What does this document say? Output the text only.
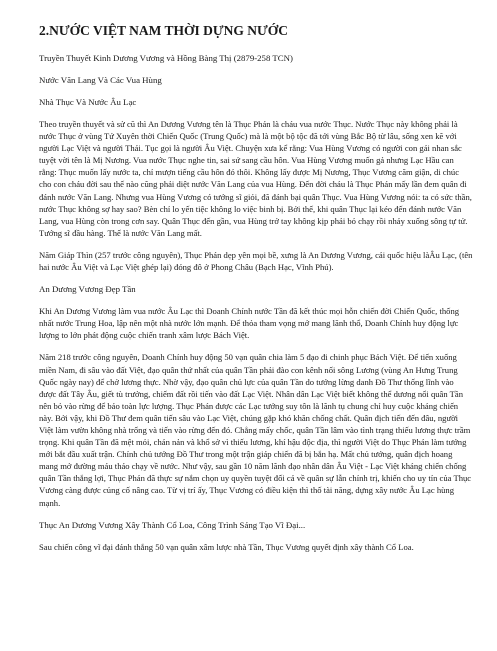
2.NƯỚC VIỆT NAM THỜI DỰNG NƯỚC
Truyền Thuyết Kinh Dương Vương và Hồng Bàng Thị (2879-258 TCN)
Nước Văn Lang Và Các Vua Hùng
Nhà Thục Và Nước Âu Lạc

Theo truyền thuyết và sử cũ thì An Dương Vương tên là Thục Phán là cháu vua nước Thục. Nước Thục này không phải là nước Thục ở vùng Tứ Xuyên thời Chiến Quốc (Trung Quốc) mà là một bộ tộc đã tới vùng Bắc Bộ từ lâu, sống xen kẽ với người Lạc Việt và người Thái. Tục gọi là người Âu Việt. Chuyện xưa kể rằng: Vua Hùng Vương có người con gái nhan sắc tuyệt vời tên là Mị Nương. Vua nước Thục nghe tin, sai sứ sang cầu hôn. Vua Hùng Vương muốn gả nhưng Lạc Hầu can rằng: Thục muốn lấy nước ta, chỉ mượn tiếng cầu hôn đó thôi. Không lấy được Mị Nương, Thục Vương căm giận, di chúc cho con cháu đời sau thế nào cũng phải diệt nước Văn Lang của vua Hùng. Đến đời cháu là Thục Phán mấy lần đem quân đi đánh nước Văn Lang. Nhưng vua Hùng Vương có tướng sĩ giỏi, đã đánh bại quân Thục. Vua Hùng Vương nói: ta có sức thần, nước Thục không sợ hay sao? Bèn chỉ lo yến tiệc không lo việc binh bị. Bởi thế, khi quân Thục lại kéo đến đánh nước Văn Lang, vua Hùng còn trong cơn say. Quân Thục đến gần, vua Hùng trở tay không kịp phải bỏ chạy rồi nhảy xuống sông tự tử. Tướng sĩ đầu hàng. Thế là nước Văn Lang mất.

Năm Giáp Thìn (257 trước công nguyên), Thục Phán dẹp yên mọi bề, xưng là An Dương Vương, cải quốc hiệu làÂu Lạc, (tên hai nước Âu Việt và Lạc Việt ghép lại) đóng đô ở Phong Châu (Bạch Hạc, Vĩnh Phú).

An Dương Vương Đẹp Tần

Khi An Dương Vương làm vua nước Âu Lạc thì Doanh Chính nước Tần đã kết thúc mọi hỗn chiến đời Chiến Quốc, thống nhất nước Trung Hoa, lập nên một nhà nước lớn mạnh. Để thỏa tham vọng mở mang lãnh thổ, Doanh Chính huy động lực lượng to lớn phát động cuộc chiến tranh xâm lược Bách Việt.

Năm 218 trước công nguyên, Doanh Chính huy động 50 vạn quân chia làm 5 đạo đi chinh phục Bách Việt. Để tiến xuống miền Nam, đi sâu vào đất Việt, đạo quân thứ nhất của quân Tần phải đào con kênh nối sông Lương (vùng An Hưng Trung Quốc ngày nay) để chở lương thực. Nhờ vậy, đạo quân chủ lực của quân Tần do tướng lừng danh Đồ Thư thống lĩnh vào được đất Tây Âu, giết tù trưởng, chiếm đất rồi tiến vào đất Lạc Việt. Nhân dân Lạc Việt biết không thể dương nổi quân Tần nên bỏ vào rừng để bảo toàn lực lượng. Thục Phán được các Lạc tướng suy tôn là lãnh tụ chung chỉ huy cuộc kháng chiến này. Bởi vậy, khi Đồ Thư đem quân tiến sâu vào Lạc Việt, chúng gặp khó khăn chống chất. Quân địch tiến đến đâu, người Việt làm vườn không nhà trống và tiến vào rừng đến đó. Chẳng mấy chốc, quân Tần lâm vào tình trạng thiếu lương thực trầm trọng. Khi quân Tần đã mệt mỏi, chán nản và khổ sở vì thiếu lương, khí hậu độc địa, thì người Việt do Thục Phán làm tướng mới bắt đầu xuất trận. Chính chủ tướng Đồ Thư trong một trận giáp chiến đã bị bắn hạ. Mất chủ tướng, quân địch hoang mang mở đường máu tháo chạy về nước. Như vậy, sau gần 10 năm lãnh đạo nhân dân Âu Việt - Lạc Việt kháng chiến chống quân Tần thắng lợi, Thục Phán đã thực sự nắm chọn uy quyền tuyệt đối cả về quân sự lẫn chính trị, khiến cho uy tín của Thục Vương càng được củng cố nâng cao. Từ vị trí ấy, Thục Vương có điều kiện thì thố tài năng, dựng xây nước Âu Lạc hùng mạnh.

Thục An Dương Vương Xây Thành Cổ Loa, Công Trình Sáng Tạo Vĩ Đại...

Sau chiến công vĩ đại đánh thắng 50 vạn quân xâm lược nhà Tần, Thục Vương quyết định xây thành Cổ Loa.
